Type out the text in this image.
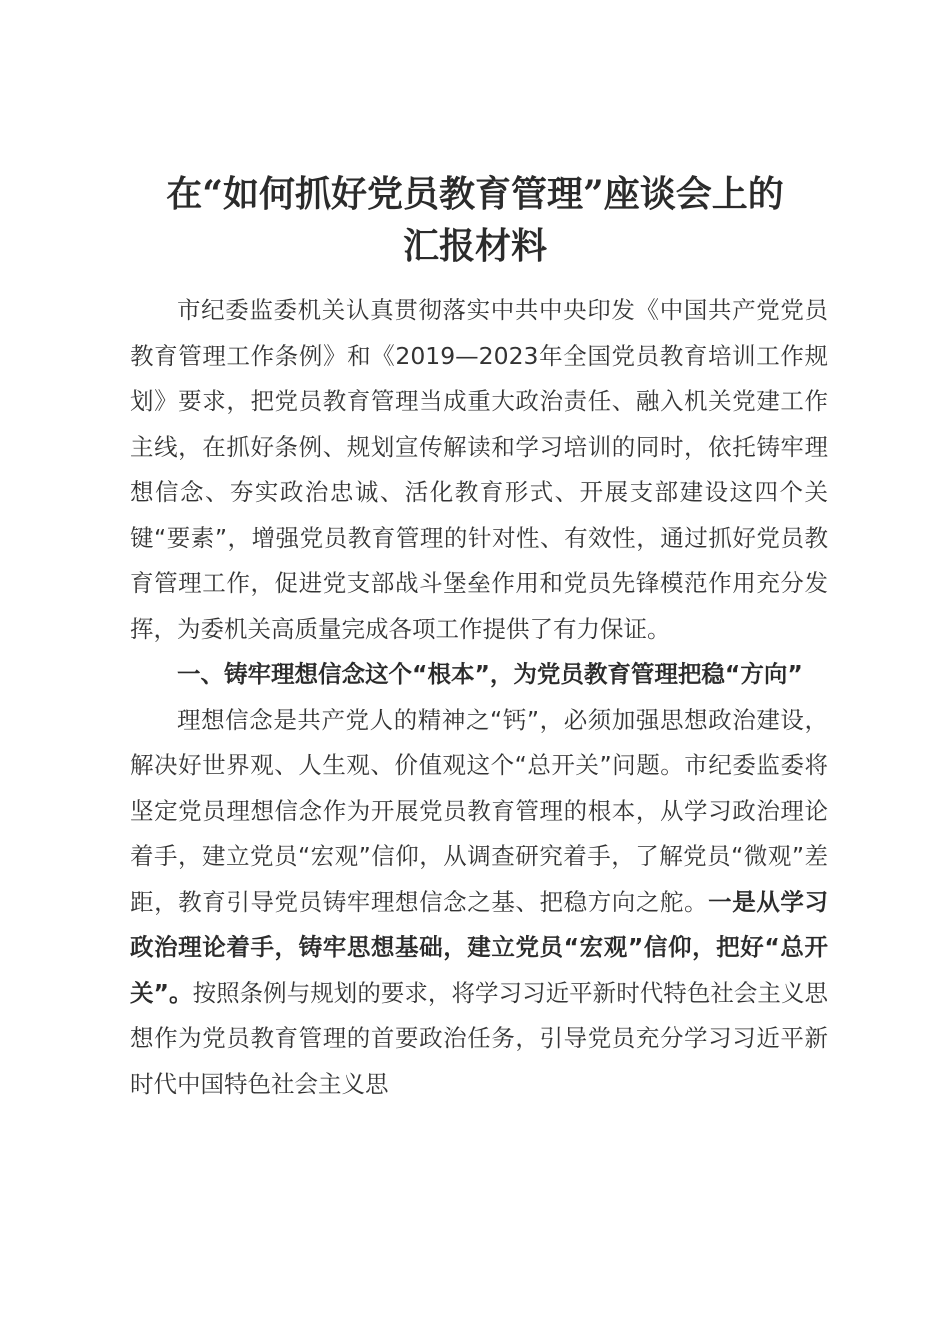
在“如何抓好党员教育管理”座谈会上的
汇报材料

市纪委监委机关认真贯彻落实中共中央印发《中国共产党党员教育管理工作条例》和《2019—2023年全国党员教育培训工作规划》要求，把党员教育管理当成重大政治责任、融入机关党建工作主线，在抓好条例、规划宣传解读和学习培训的同时，依托铸牢理想信念、夯实政治忠诚、活化教育形式、开展支部建设这四个关键“要素”，增强党员教育管理的针对性、有效性，通过抓好党员教育管理工作，促进党支部战斗堡垒作用和党员先锋模范作用充分发挥，为委机关高质量完成各项工作提供了有力保证。

一、铸牢理想信念这个“根本”，为党员教育管理把稳“方向”

理想信念是共产党人的精神之“钙”，必须加强思想政治建设，解决好世界观、人生观、价值观这个“总开关”问题。市纪委监委将坚定党员理想信念作为开展党员教育管理的根本，从学习政治理论着手，建立党员“宏观”信仰，从调查研究着手，了解党员“微观”差距，教育引导党员铸牢理想信念之基、把稳方向之舵。一是从学习政治理论着手，铸牢思想基础，建立党员“宏观”信仰，把好“总开关”。按照条例与规划的要求，将学习习近平新时代特色社会主义思想作为党员教育管理的首要政治任务，引导党员充分学习习近平新时代中国特色社会主义思
